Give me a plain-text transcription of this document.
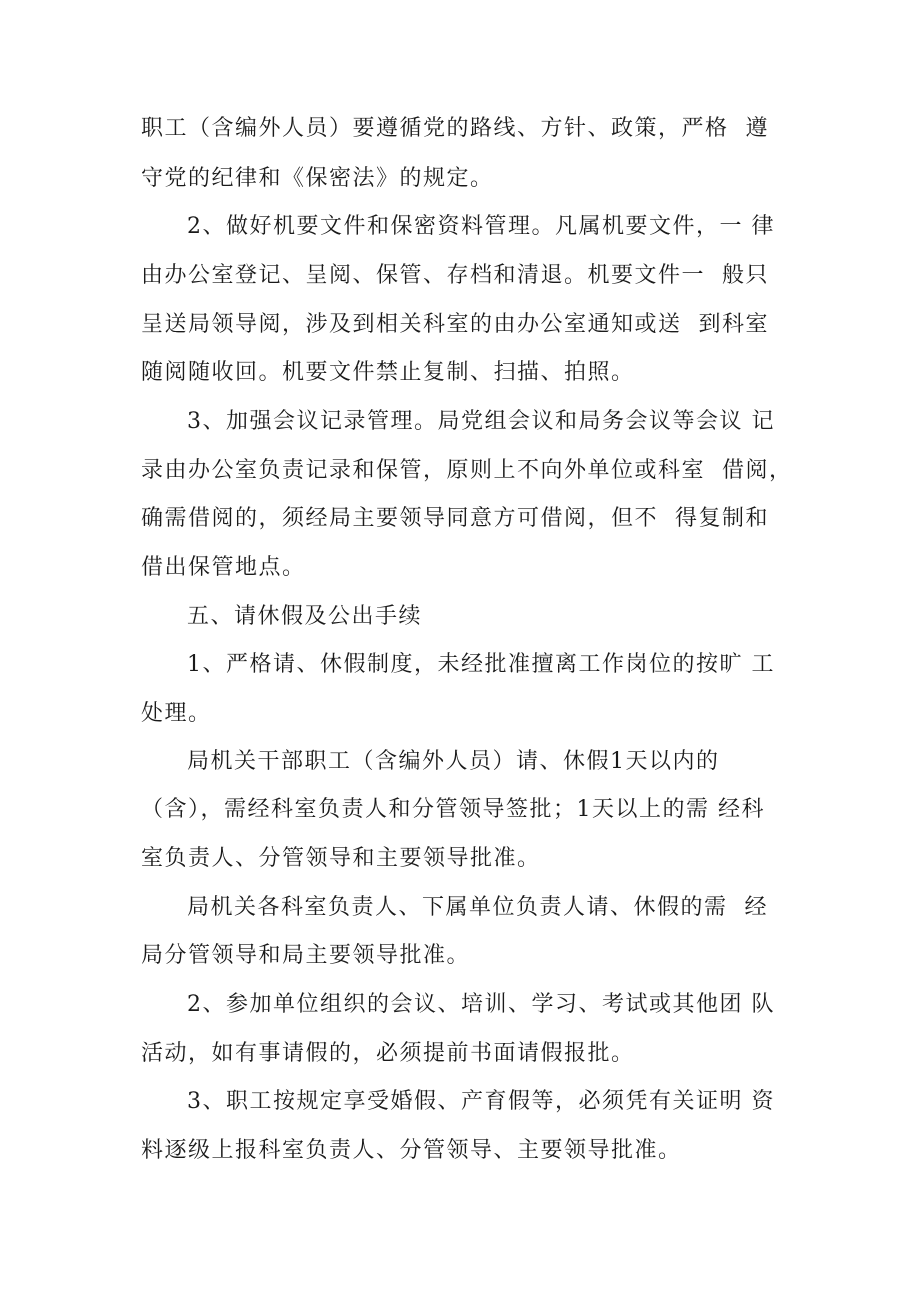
职工（含编外人员）要遵循党的路线、方针、政策，严格  遵
守党的纪律和《保密法》的规定。
2、做好机要文件和保密资料管理。凡属机要文件，一 律
由办公室登记、呈阅、保管、存档和清退。机要文件一  般只
呈送局领导阅，涉及到相关科室的由办公室通知或送  到科室
随阅随收回。机要文件禁止复制、扫描、拍照。
3、加强会议记录管理。局党组会议和局务会议等会议 记
录由办公室负责记录和保管，原则上不向外单位或科室  借阅，
确需借阅的，须经局主要领导同意方可借阅，但不  得复制和
借出保管地点。
五、请休假及公出手续
1、严格请、休假制度，未经批准擅离工作岗位的按旷 工
处理。
局机关干部职工（含编外人员）请、休假1天以内的
（含），需经科室负责人和分管领导签批；1天以上的需 经科
室负责人、分管领导和主要领导批准。
局机关各科室负责人、下属单位负责人请、休假的需  经
局分管领导和局主要领导批准。
2、参加单位组织的会议、培训、学习、考试或其他团 队
活动，如有事请假的，必须提前书面请假报批。
3、职工按规定享受婚假、产育假等，必须凭有关证明 资
料逐级上报科室负责人、分管领导、主要领导批准。
